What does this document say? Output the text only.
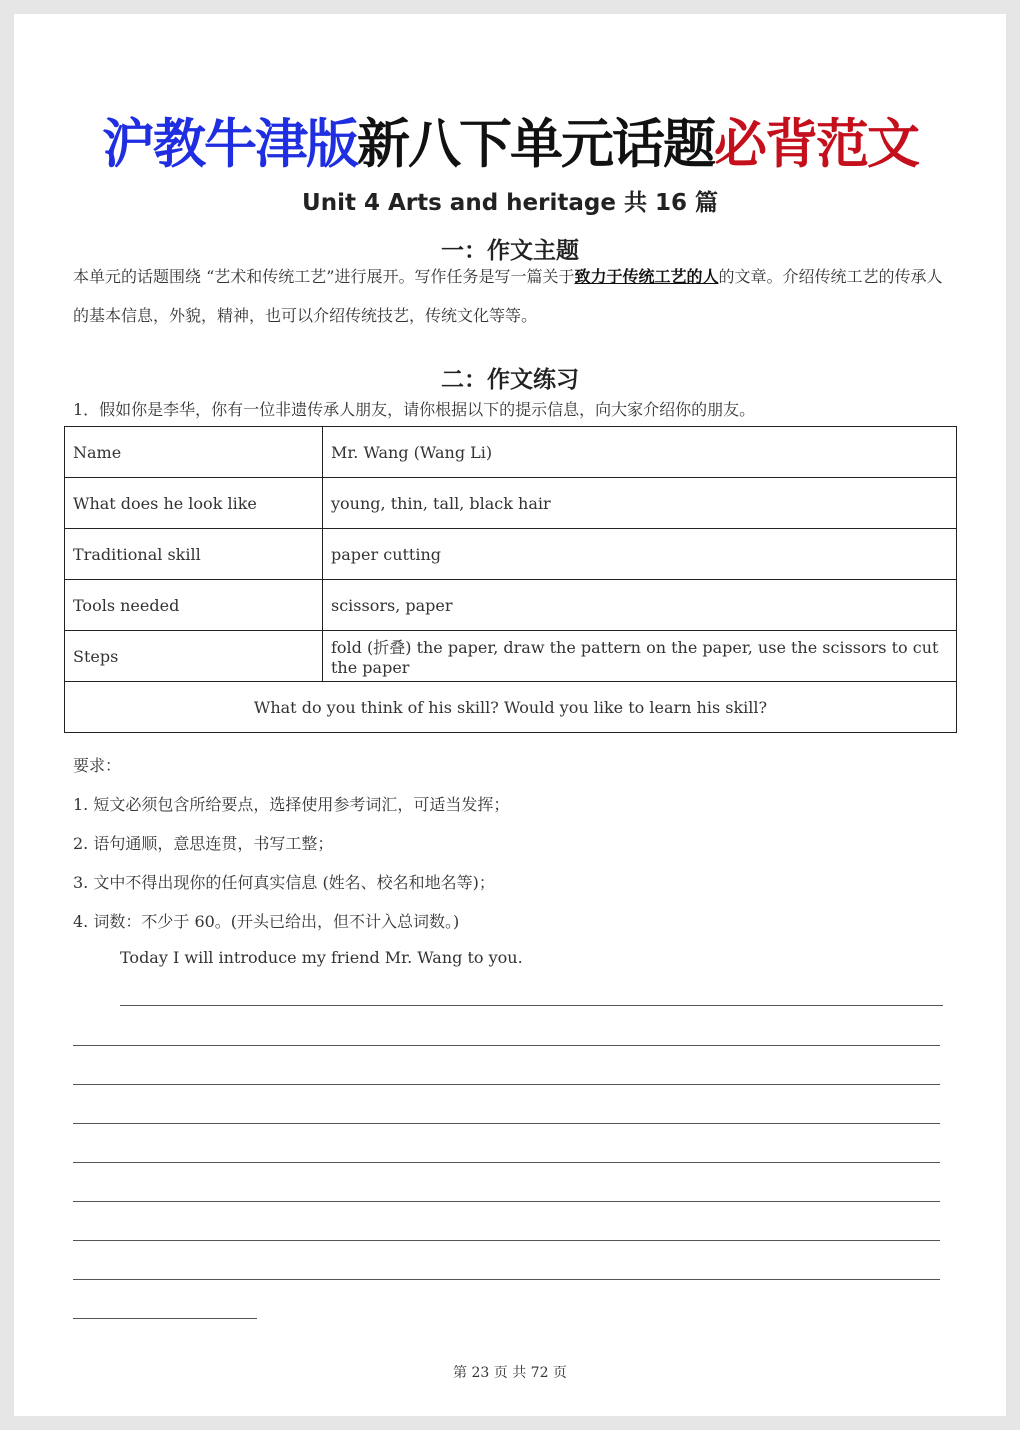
沪教牛津版新八下单元话题必背范文
Unit 4 Arts and heritage 共 16 篇
一：作文主题
本单元的话题围绕 “艺术和传统工艺”进行展开。写作任务是写一篇关于致力于传统工艺的人的文章。介绍传统工艺的传承人的基本信息，外貌，精神，也可以介绍传统技艺，传统文化等等。
二：作文练习
1．假如你是李华，你有一位非遗传承人朋友，请你根据以下的提示信息，向大家介绍你的朋友。
Name	Mr. Wang (Wang Li)
What does he look like	young, thin, tall, black hair
Traditional skill	paper cutting
Tools needed	scissors, paper
Steps	fold (折叠) the paper, draw the pattern on the paper, use the scissors to cut the paper
What do you think of his skill? Would you like to learn his skill?	
要求：
1. 短文必须包含所给要点，选择使用参考词汇，可适当发挥；
2. 语句通顺，意思连贯，书写工整；
3. 文中不得出现你的任何真实信息 (姓名、校名和地名等)；
4. 词数：不少于 60。(开头已给出，但不计入总词数。)
Today I will introduce my friend Mr. Wang to you.
第 23 页 共 72 页
